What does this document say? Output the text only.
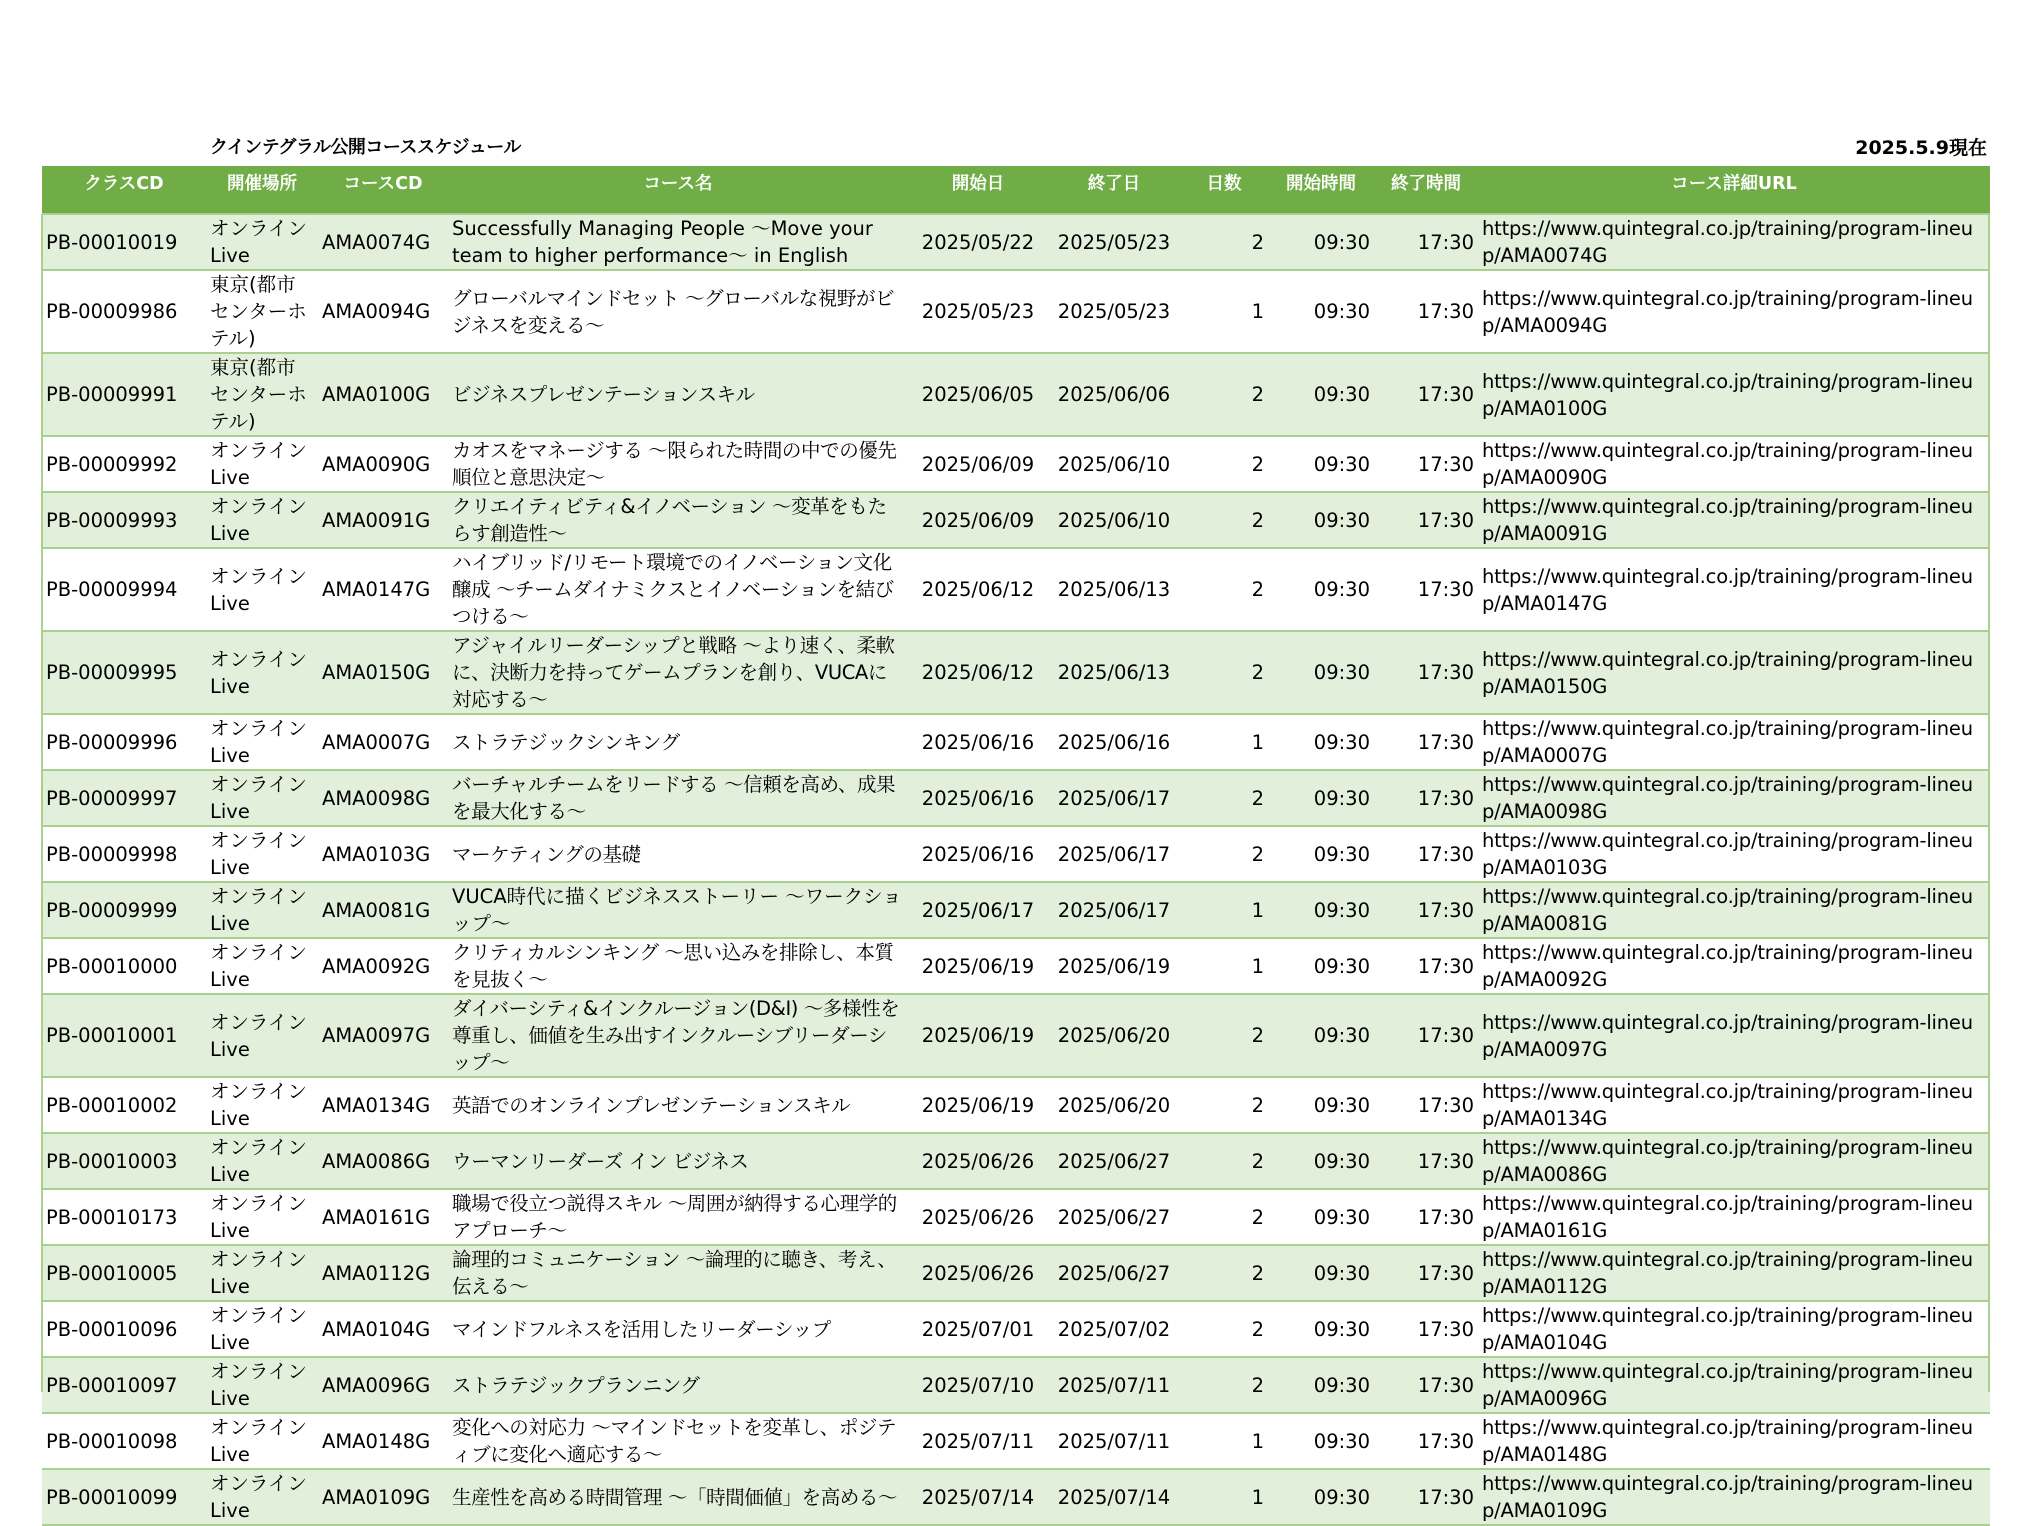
クインテグラル公開コーススケジュール	2025.5.9現在
クラスCD	開催場所	コースCD	コース名	開始日	終了日	日数	開始時間	終了時間	コース詳細URL
PB-00010019	オンライン Live	AMA0074G	Successfully Managing People ～Move your team to higher performance～ in English	2025/05/22	2025/05/23	2	09:30	17:30	https://www.quintegral.co.jp/training/program-lineup/AMA0074G
PB-00009986	東京(都市センターホテル)	AMA0094G	グローバルマインドセット ～グローバルな視野がビジネスを変える～	2025/05/23	2025/05/23	1	09:30	17:30	https://www.quintegral.co.jp/training/program-lineup/AMA0094G
PB-00009991	東京(都市センターホテル)	AMA0100G	ビジネスプレゼンテーションスキル	2025/06/05	2025/06/06	2	09:30	17:30	https://www.quintegral.co.jp/training/program-lineup/AMA0100G
PB-00009992	オンライン Live	AMA0090G	カオスをマネージする ～限られた時間の中での優先順位と意思決定～	2025/06/09	2025/06/10	2	09:30	17:30	https://www.quintegral.co.jp/training/program-lineup/AMA0090G
PB-00009993	オンライン Live	AMA0091G	クリエイティビティ&イノベーション ～変革をもたらす創造性～	2025/06/09	2025/06/10	2	09:30	17:30	https://www.quintegral.co.jp/training/program-lineup/AMA0091G
PB-00009994	オンライン Live	AMA0147G	ハイブリッド/リモート環境でのイノベーション文化醸成 ～チームダイナミクスとイノベーションを結びつける～	2025/06/12	2025/06/13	2	09:30	17:30	https://www.quintegral.co.jp/training/program-lineup/AMA0147G
PB-00009995	オンライン Live	AMA0150G	アジャイルリーダーシップと戦略 ～より速く、柔軟に、決断力を持ってゲームプランを創り、VUCAに対応する～	2025/06/12	2025/06/13	2	09:30	17:30	https://www.quintegral.co.jp/training/program-lineup/AMA0150G
PB-00009996	オンライン Live	AMA0007G	ストラテジックシンキング	2025/06/16	2025/06/16	1	09:30	17:30	https://www.quintegral.co.jp/training/program-lineup/AMA0007G
PB-00009997	オンライン Live	AMA0098G	バーチャルチームをリードする ～信頼を高め、成果を最大化する～	2025/06/16	2025/06/17	2	09:30	17:30	https://www.quintegral.co.jp/training/program-lineup/AMA0098G
PB-00009998	オンライン Live	AMA0103G	マーケティングの基礎	2025/06/16	2025/06/17	2	09:30	17:30	https://www.quintegral.co.jp/training/program-lineup/AMA0103G
PB-00009999	オンライン Live	AMA0081G	VUCA時代に描くビジネスストーリー ～ワークショップ～	2025/06/17	2025/06/17	1	09:30	17:30	https://www.quintegral.co.jp/training/program-lineup/AMA0081G
PB-00010000	オンライン Live	AMA0092G	クリティカルシンキング ～思い込みを排除し、本質を見抜く～	2025/06/19	2025/06/19	1	09:30	17:30	https://www.quintegral.co.jp/training/program-lineup/AMA0092G
PB-00010001	オンライン Live	AMA0097G	ダイバーシティ&インクルージョン(D&I) ～多様性を尊重し、価値を生み出すインクルーシブリーダーシップ～	2025/06/19	2025/06/20	2	09:30	17:30	https://www.quintegral.co.jp/training/program-lineup/AMA0097G
PB-00010002	オンライン Live	AMA0134G	英語でのオンラインプレゼンテーションスキル	2025/06/19	2025/06/20	2	09:30	17:30	https://www.quintegral.co.jp/training/program-lineup/AMA0134G
PB-00010003	オンライン Live	AMA0086G	ウーマンリーダーズ イン ビジネス	2025/06/26	2025/06/27	2	09:30	17:30	https://www.quintegral.co.jp/training/program-lineup/AMA0086G
PB-00010173	オンライン Live	AMA0161G	職場で役立つ説得スキル ～周囲が納得する心理学的アプローチ～	2025/06/26	2025/06/27	2	09:30	17:30	https://www.quintegral.co.jp/training/program-lineup/AMA0161G
PB-00010005	オンライン Live	AMA0112G	論理的コミュニケーション ～論理的に聴き、考え、伝える～	2025/06/26	2025/06/27	2	09:30	17:30	https://www.quintegral.co.jp/training/program-lineup/AMA0112G
PB-00010096	オンライン Live	AMA0104G	マインドフルネスを活用したリーダーシップ	2025/07/01	2025/07/02	2	09:30	17:30	https://www.quintegral.co.jp/training/program-lineup/AMA0104G
PB-00010097	オンライン Live	AMA0096G	ストラテジックプランニング	2025/07/10	2025/07/11	2	09:30	17:30	https://www.quintegral.co.jp/training/program-lineup/AMA0096G
PB-00010098	オンライン Live	AMA0148G	変化への対応力 ～マインドセットを変革し、ポジティブに変化へ適応する～	2025/07/11	2025/07/11	1	09:30	17:30	https://www.quintegral.co.jp/training/program-lineup/AMA0148G
PB-00010099	オンライン Live	AMA0109G	生産性を高める時間管理 ～「時間価値」を高める～	2025/07/14	2025/07/14	1	09:30	17:30	https://www.quintegral.co.jp/training/program-lineup/AMA0109G
